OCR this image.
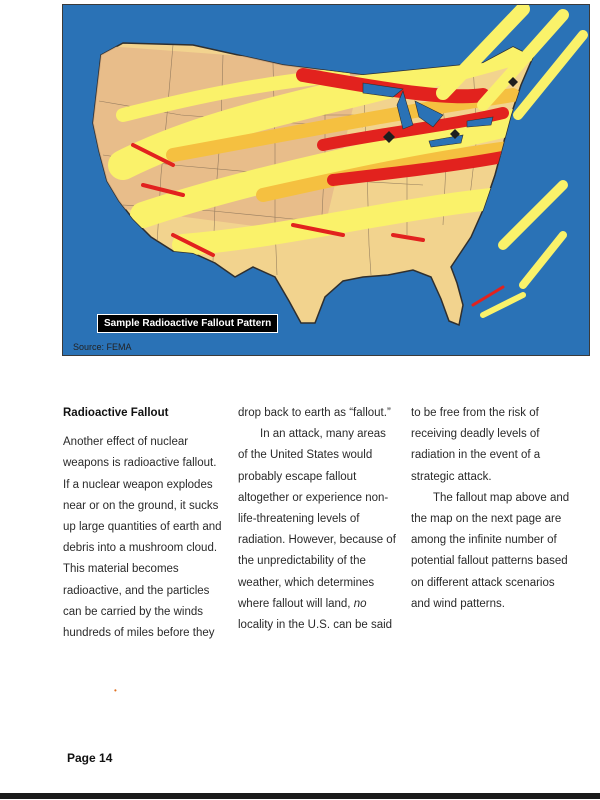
Sample Radioactive Fallout Pattern
Source: FEMA

Radioactive Fallout

Another effect of nuclear weapons is radioactive fallout. If a nuclear weapon explodes near or on the ground, it sucks up large quantities of earth and debris into a mushroom cloud. This material becomes radioactive, and the particles can be carried by the winds hundreds of miles before they

drop back to earth as “fallout.”

In an attack, many areas of the United States would probably escape fallout altogether or experience non-life-threatening levels of radiation. However, because of the unpredictability of the weather, which determines where fallout will land, no locality in the U.S. can be said

to be free from the risk of receiving deadly levels of radiation in the event of a strategic attack.

The fallout map above and the map on the next page are among the infinite number of potential fallout patterns based on different attack scenarios and wind patterns.

•
Page 14
